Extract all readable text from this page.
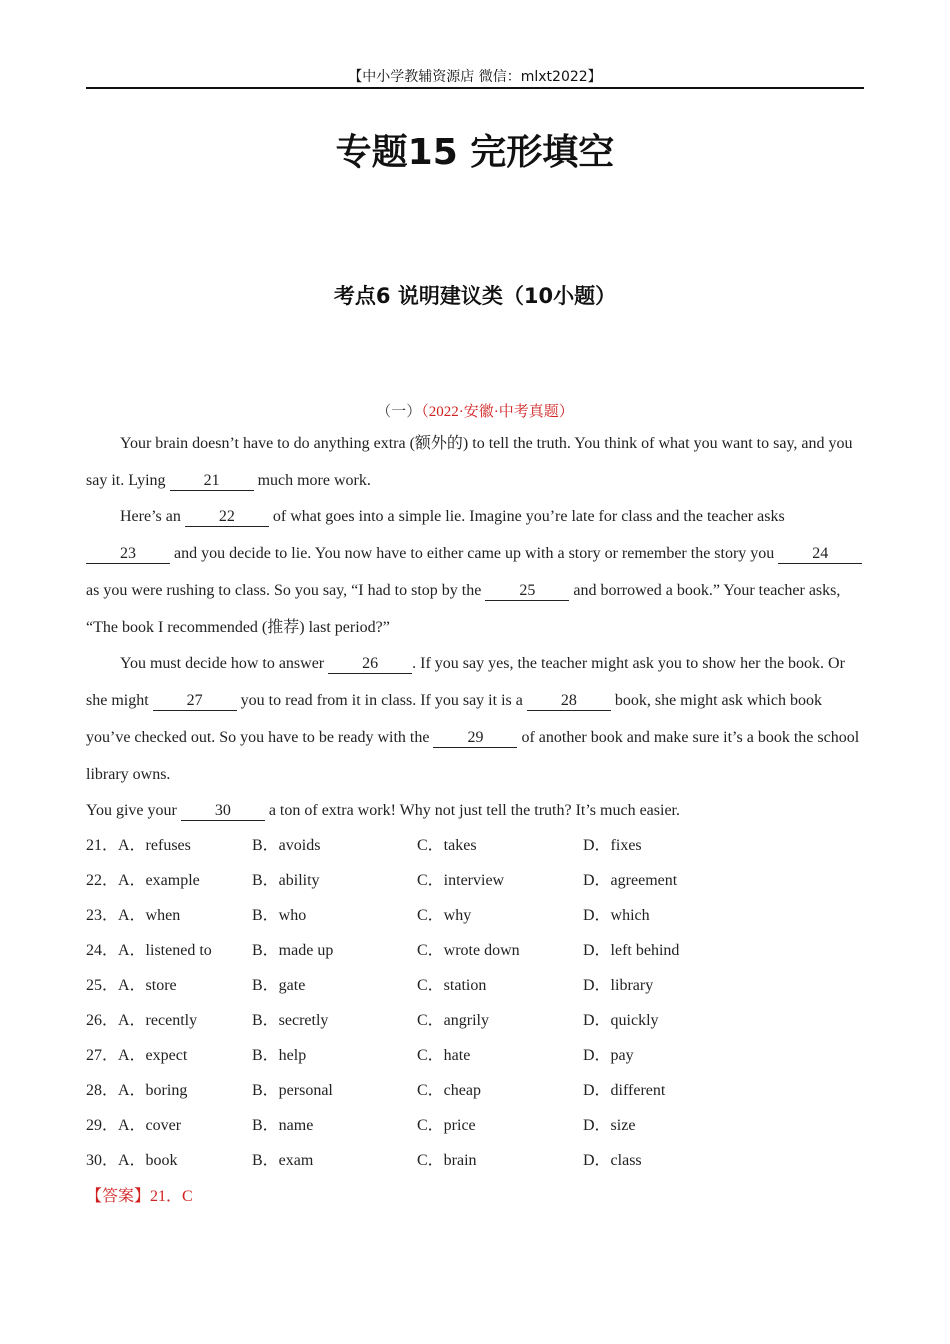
【中小学教辅资源店 微信：mlxt2022】
专题15 完形填空
考点6 说明建议类（10小题）
（一）（2022·安徽·中考真题）
Your brain doesn’t have to do anything extra (额外的) to tell the truth. You think of what you want to say, and you say it. Lying 21 much more work.
Here’s an 22 of what goes into a simple lie. Imagine you’re late for class and the teacher asks 23 and you decide to lie. You now have to either came up with a story or remember the story you 24 as you were rushing to class. So you say, “I had to stop by the 25 and borrowed a book.” Your teacher asks, “The book I recommended (推荐) last period?”
You must decide how to answer 26 . If you say yes, the teacher might ask you to show her the book. Or she might 27 you to read from it in class. If you say it is a 28 book, she might ask which book you’ve checked out. So you have to be ready with the 29 of another book and make sure it’s a book the school library owns.
You give your 30 a ton of extra work! Why not just tell the truth? It’s much easier.
21．A．refuses	B．avoids	C．takes	D．fixes
22．A．example	B．ability	C．interview	D．agreement
23．A．when	B．who	C．why	D．which
24．A．listened to	B．made up	C．wrote down	D．left behind
25．A．store	B．gate	C．station	D．library
26．A．recently	B．secretly	C．angrily	D．quickly
27．A．expect	B．help	C．hate	D．pay
28．A．boring	B．personal	C．cheap	D．different
29．A．cover	B．name	C．price	D．size
30．A．book	B．exam	C．brain	D．class
【答案】21．C
